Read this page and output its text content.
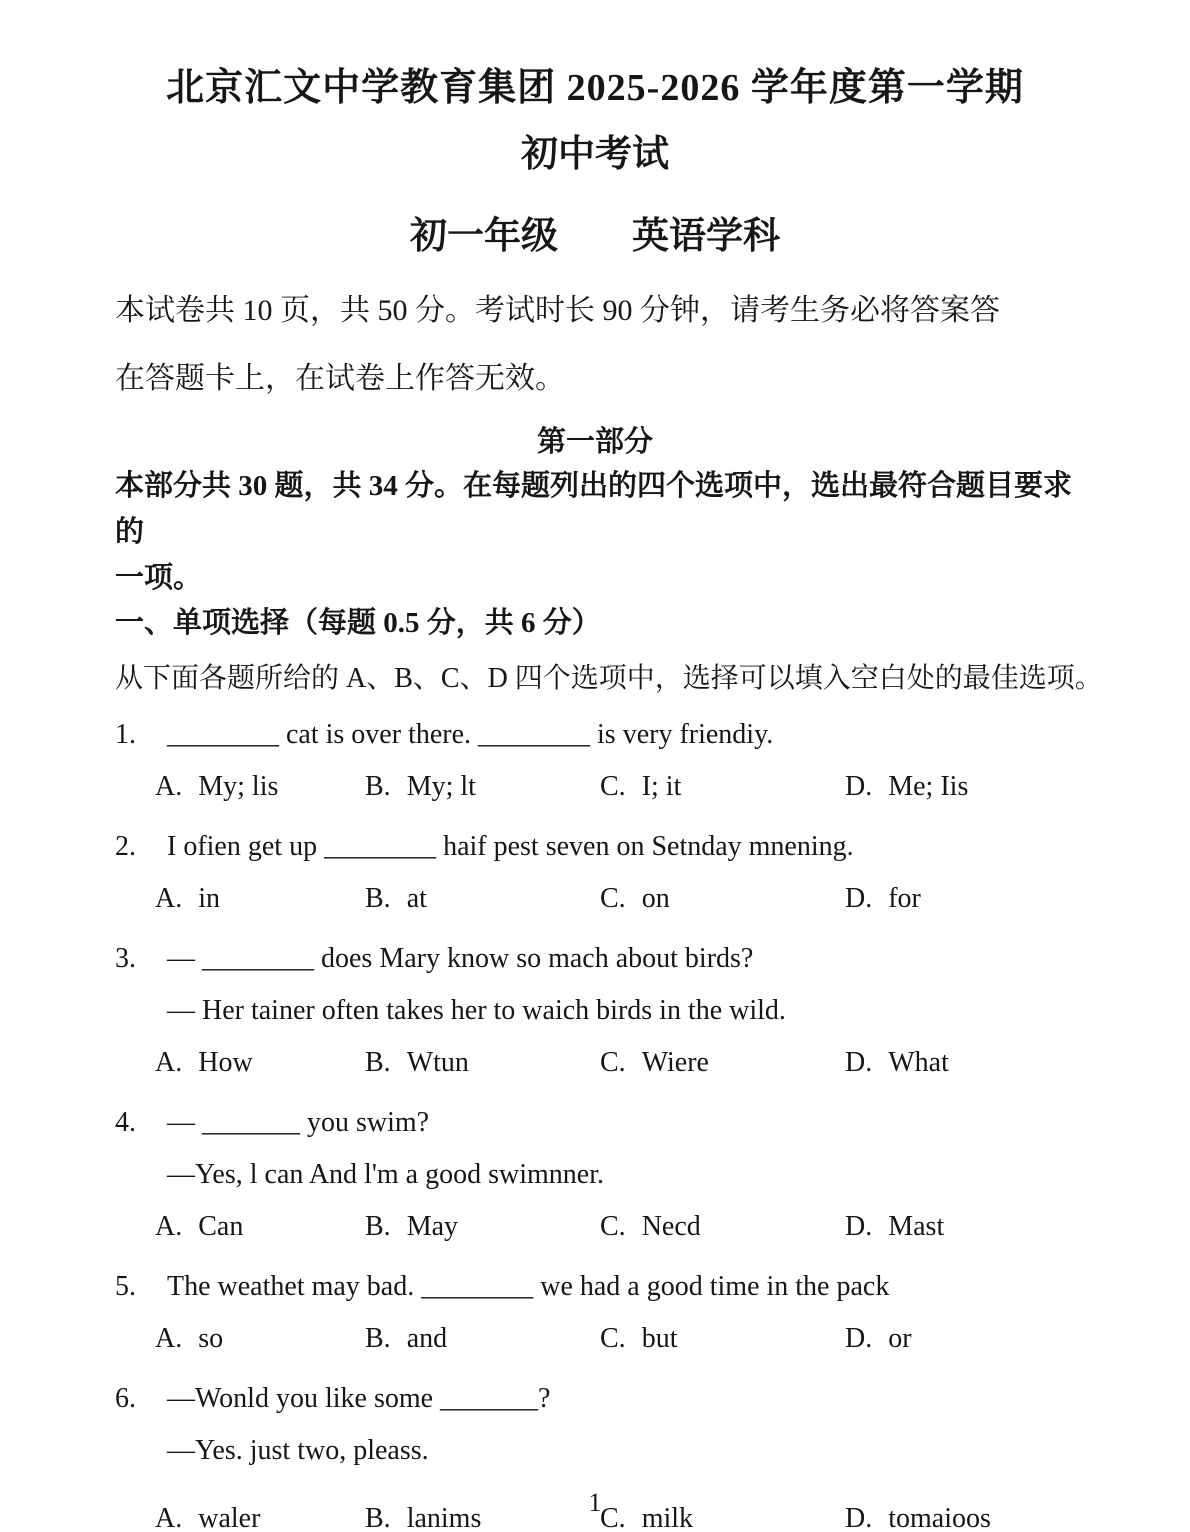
北京汇文中学教育集团 2025-2026 学年度第一学期
初中考试
初一年级　　英语学科
本试卷共 10 页，共 50 分。考试时长 90 分钟，请考生务必将答案答
在答题卡上，在试卷上作答无效。
第一部分
本部分共 30 题，共 34 分。在每题列出的四个选项中，选出最符合题目要求的
一项。
一、单项选择（每题 0.5 分，共 6 分）
从下面各题所给的 A、B、C、D 四个选项中，选择可以填入空白处的最佳选项。
1.	________ cat is over there. ________ is very friendiy.
A. My; lis	B. My; lt	C. I; it	D. Me; Iis
2.	I ofien get up ________ haif pest seven on Setnday mnening.
A. in	B. at	C. on	D. for
3.	— ________ does Mary know so mach about birds?
— Her tainer often takes her to waich birds in the wild.
A. How	B. Wtun	C. Wiere	D. What
4.	— _______ you swim?
—Yes, l can And l'm a good swimnner.
A. Can	B. May	C. Necd	D. Mast
5.	The weathet may bad. ________ we had a good time in the pack
A. so	B. and	C. but	D. or
6.	—Wonld you like some _______?
—Yes. just two, pleass.
A. waler	B. lanims	C. milk	D. tomaioos
1
